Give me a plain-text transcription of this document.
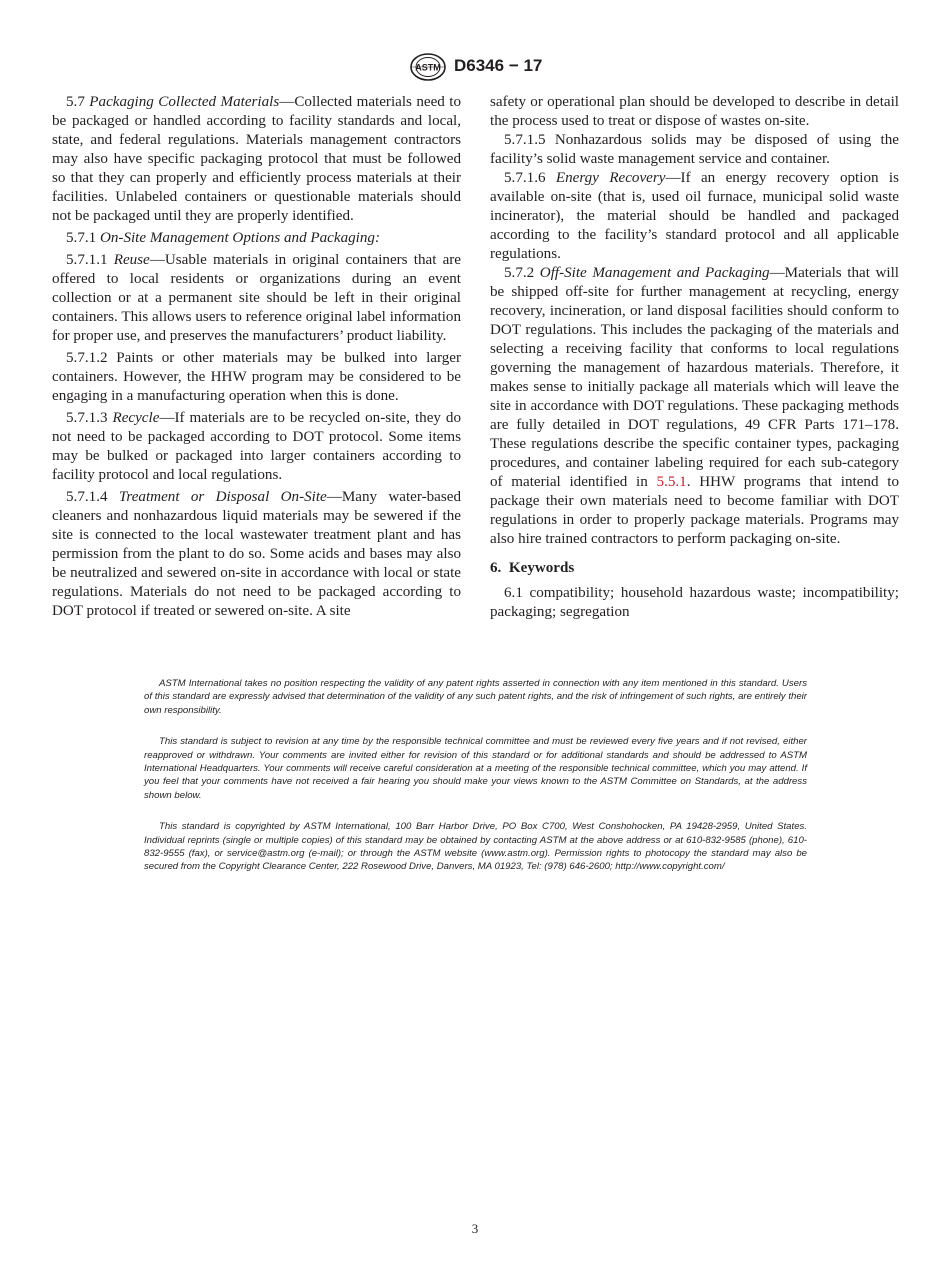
ASTM D6346 − 17

5.7 Packaging Collected Materials—Collected materials need to be packaged or handled according to facility standards and local, state, and federal regulations. Materials management contractors may also have specific packaging protocol that must be followed so that they can properly and efficiently process materials at their facilities. Unlabeled containers or questionable materials should not be packaged until they are properly identified.

5.7.1 On-Site Management Options and Packaging:

5.7.1.1 Reuse—Usable materials in original containers that are offered to local residents or organizations during an event collection or at a permanent site should be left in their original containers. This allows users to reference original label information for proper use, and preserves the manufacturers’ product liability.

5.7.1.2 Paints or other materials may be bulked into larger containers. However, the HHW program may be considered to be engaging in a manufacturing operation when this is done.

5.7.1.3 Recycle—If materials are to be recycled on-site, they do not need to be packaged according to DOT protocol. Some items may be bulked or packaged into larger containers according to facility protocol and local regulations.

5.7.1.4 Treatment or Disposal On-Site—Many water-based cleaners and nonhazardous liquid materials may be sewered if the site is connected to the local wastewater treatment plant and has permission from the plant to do so. Some acids and bases may also be neutralized and sewered on-site in accordance with local or state regulations. Materials do not need to be packaged according to DOT protocol if treated or sewered on-site. A site

safety or operational plan should be developed to describe in detail the process used to treat or dispose of wastes on-site.

5.7.1.5 Nonhazardous solids may be disposed of using the facility’s solid waste management service and container.

5.7.1.6 Energy Recovery—If an energy recovery option is available on-site (that is, used oil furnace, municipal solid waste incinerator), the material should be handled and packaged according to the facility’s standard protocol and all applicable regulations.

5.7.2 Off-Site Management and Packaging—Materials that will be shipped off-site for further management at recycling, energy recovery, incineration, or land disposal facilities should conform to DOT regulations. This includes the packaging of the materials and selecting a receiving facility that conforms to local regulations governing the management of hazardous materials. Therefore, it makes sense to initially package all materials which will leave the site in accordance with DOT regulations. These packaging methods are fully detailed in DOT regulations, 49 CFR Parts 171–178. These regulations describe the specific container types, packaging procedures, and container labeling required for each sub-category of material identified in 5.5.1. HHW programs that intend to package their own materials need to become familiar with DOT regulations in order to properly package materials. Programs may also hire trained contractors to perform packaging on-site.

6. Keywords

6.1 compatibility; household hazardous waste; incompatibility; packaging; segregation

ASTM International takes no position respecting the validity of any patent rights asserted in connection with any item mentioned in this standard. Users of this standard are expressly advised that determination of the validity of any such patent rights, and the risk of infringement of such rights, are entirely their own responsibility.

This standard is subject to revision at any time by the responsible technical committee and must be reviewed every five years and if not revised, either reapproved or withdrawn. Your comments are invited either for revision of this standard or for additional standards and should be addressed to ASTM International Headquarters. Your comments will receive careful consideration at a meeting of the responsible technical committee, which you may attend. If you feel that your comments have not received a fair hearing you should make your views known to the ASTM Committee on Standards, at the address shown below.

This standard is copyrighted by ASTM International, 100 Barr Harbor Drive, PO Box C700, West Conshohocken, PA 19428-2959, United States. Individual reprints (single or multiple copies) of this standard may be obtained by contacting ASTM at the above address or at 610-832-9585 (phone), 610-832-9555 (fax), or service@astm.org (e-mail); or through the ASTM website (www.astm.org). Permission rights to photocopy the standard may also be secured from the Copyright Clearance Center, 222 Rosewood Drive, Danvers, MA 01923, Tel: (978) 646-2600; http://www.copyright.com/

3
